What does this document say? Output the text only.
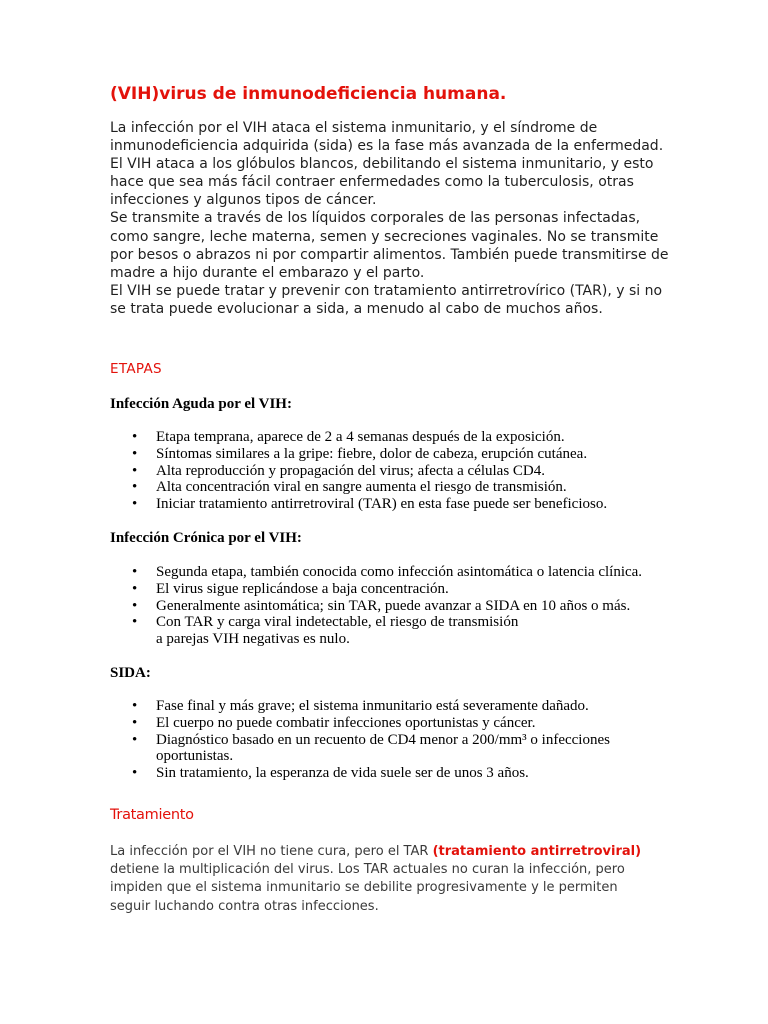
(VIH)virus de inmunodeficiencia humana.

La infección por el VIH ataca el sistema inmunitario, y el síndrome de inmunodeficiencia adquirida (sida) es la fase más avanzada de la enfermedad.

El VIH ataca a los glóbulos blancos, debilitando el sistema inmunitario, y esto hace que sea más fácil contraer enfermedades como la tuberculosis, otras infecciones y algunos tipos de cáncer.

Se transmite a través de los líquidos corporales de las personas infectadas, como sangre, leche materna, semen y secreciones vaginales. No se transmite por besos o abrazos ni por compartir alimentos. También puede transmitirse de madre a hijo durante el embarazo y el parto.

El VIH se puede tratar y prevenir con tratamiento antirretrovírico (TAR), y si no se trata puede evolucionar a sida, a menudo al cabo de muchos años.

ETAPAS
Infección Aguda por el VIH:
• Etapa temprana, aparece de 2 a 4 semanas después de la exposición.
• Síntomas similares a la gripe: fiebre, dolor de cabeza, erupción cutánea.
• Alta reproducción y propagación del virus; afecta a células CD4.
• Alta concentración viral en sangre aumenta el riesgo de transmisión.
• Iniciar tratamiento antirretroviral (TAR) en esta fase puede ser beneficioso.
Infección Crónica por el VIH:
• Segunda etapa, también conocida como infección asintomática o latencia clínica.
• El virus sigue replicándose a baja concentración.
• Generalmente asintomática; sin TAR, puede avanzar a SIDA en 10 años o más.
• Con TAR y carga viral indetectable, el riesgo de transmisión a parejas VIH negativas es nulo.
SIDA:
• Fase final y más grave; el sistema inmunitario está severamente dañado.
• El cuerpo no puede combatir infecciones oportunistas y cáncer.
• Diagnóstico basado en un recuento de CD4 menor a 200/mm³ o infecciones oportunistas.
• Sin tratamiento, la esperanza de vida suele ser de unos 3 años.
Tratamiento

La infección por el VIH no tiene cura, pero el TAR (tratamiento antirretroviral) detiene la multiplicación del virus. Los TAR actuales no curan la infección, pero impiden que el sistema inmunitario se debilite progresivamente y le permiten seguir luchando contra otras infecciones.
